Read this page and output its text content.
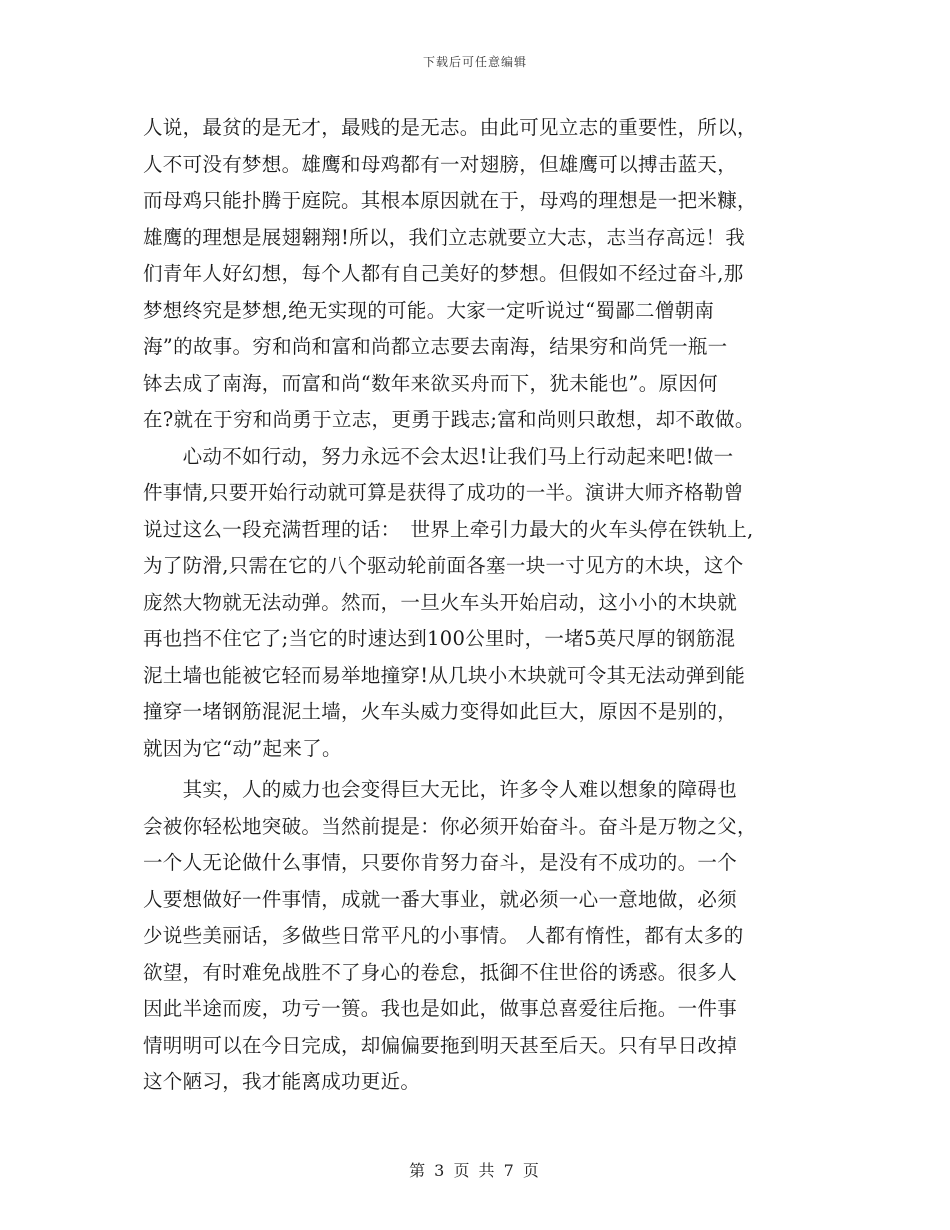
下载后可任意编辑
人说，最贫的是无才，最贱的是无志。由此可见立志的重要性，所以，
人不可没有梦想。雄鹰和母鸡都有一对翅膀，但雄鹰可以搏击蓝天，
而母鸡只能扑腾于庭院。其根本原因就在于，母鸡的理想是一把米糠，
雄鹰的理想是展翅翱翔!所以，我们立志就要立大志，志当存高远！我
们青年人好幻想，每个人都有自己美好的梦想。但假如不经过奋斗,那
梦想终究是梦想,绝无实现的可能。大家一定听说过“蜀鄙二僧朝南
海”的故事。穷和尚和富和尚都立志要去南海，结果穷和尚凭一瓶一
钵去成了南海，而富和尚“数年来欲买舟而下，犹未能也”。原因何
在?就在于穷和尚勇于立志，更勇于践志;富和尚则只敢想，却不敢做。
　　心动不如行动，努力永远不会太迟!让我们马上行动起来吧!做一
件事情,只要开始行动就可算是获得了成功的一半。演讲大师齐格勒曾
说过这么一段充满哲理的话：　世界上牵引力最大的火车头停在铁轨上,
为了防滑,只需在它的八个驱动轮前面各塞一块一寸见方的木块，这个
庞然大物就无法动弹。然而，一旦火车头开始启动，这小小的木块就
再也挡不住它了;当它的时速达到100公里时，一堵5英尺厚的钢筋混
泥土墙也能被它轻而易举地撞穿!从几块小木块就可令其无法动弹到能
撞穿一堵钢筋混泥土墙，火车头威力变得如此巨大，原因不是别的，
就因为它“动”起来了。
　　其实，人的威力也会变得巨大无比，许多令人难以想象的障碍也
会被你轻松地突破。当然前提是：你必须开始奋斗。奋斗是万物之父，
一个人无论做什么事情，只要你肯努力奋斗，是没有不成功的。一个
人要想做好一件事情，成就一番大事业，就必须一心一意地做，必须
少说些美丽话，多做些日常平凡的小事情。 人都有惰性，都有太多的
欲望，有时难免战胜不了身心的卷怠，抵御不住世俗的诱惑。很多人
因此半途而废，功亏一篑。我也是如此，做事总喜爱往后拖。一件事
情明明可以在今日完成，却偏偏要拖到明天甚至后天。只有早日改掉
这个陋习，我才能离成功更近。
第 3 页 共 7 页
